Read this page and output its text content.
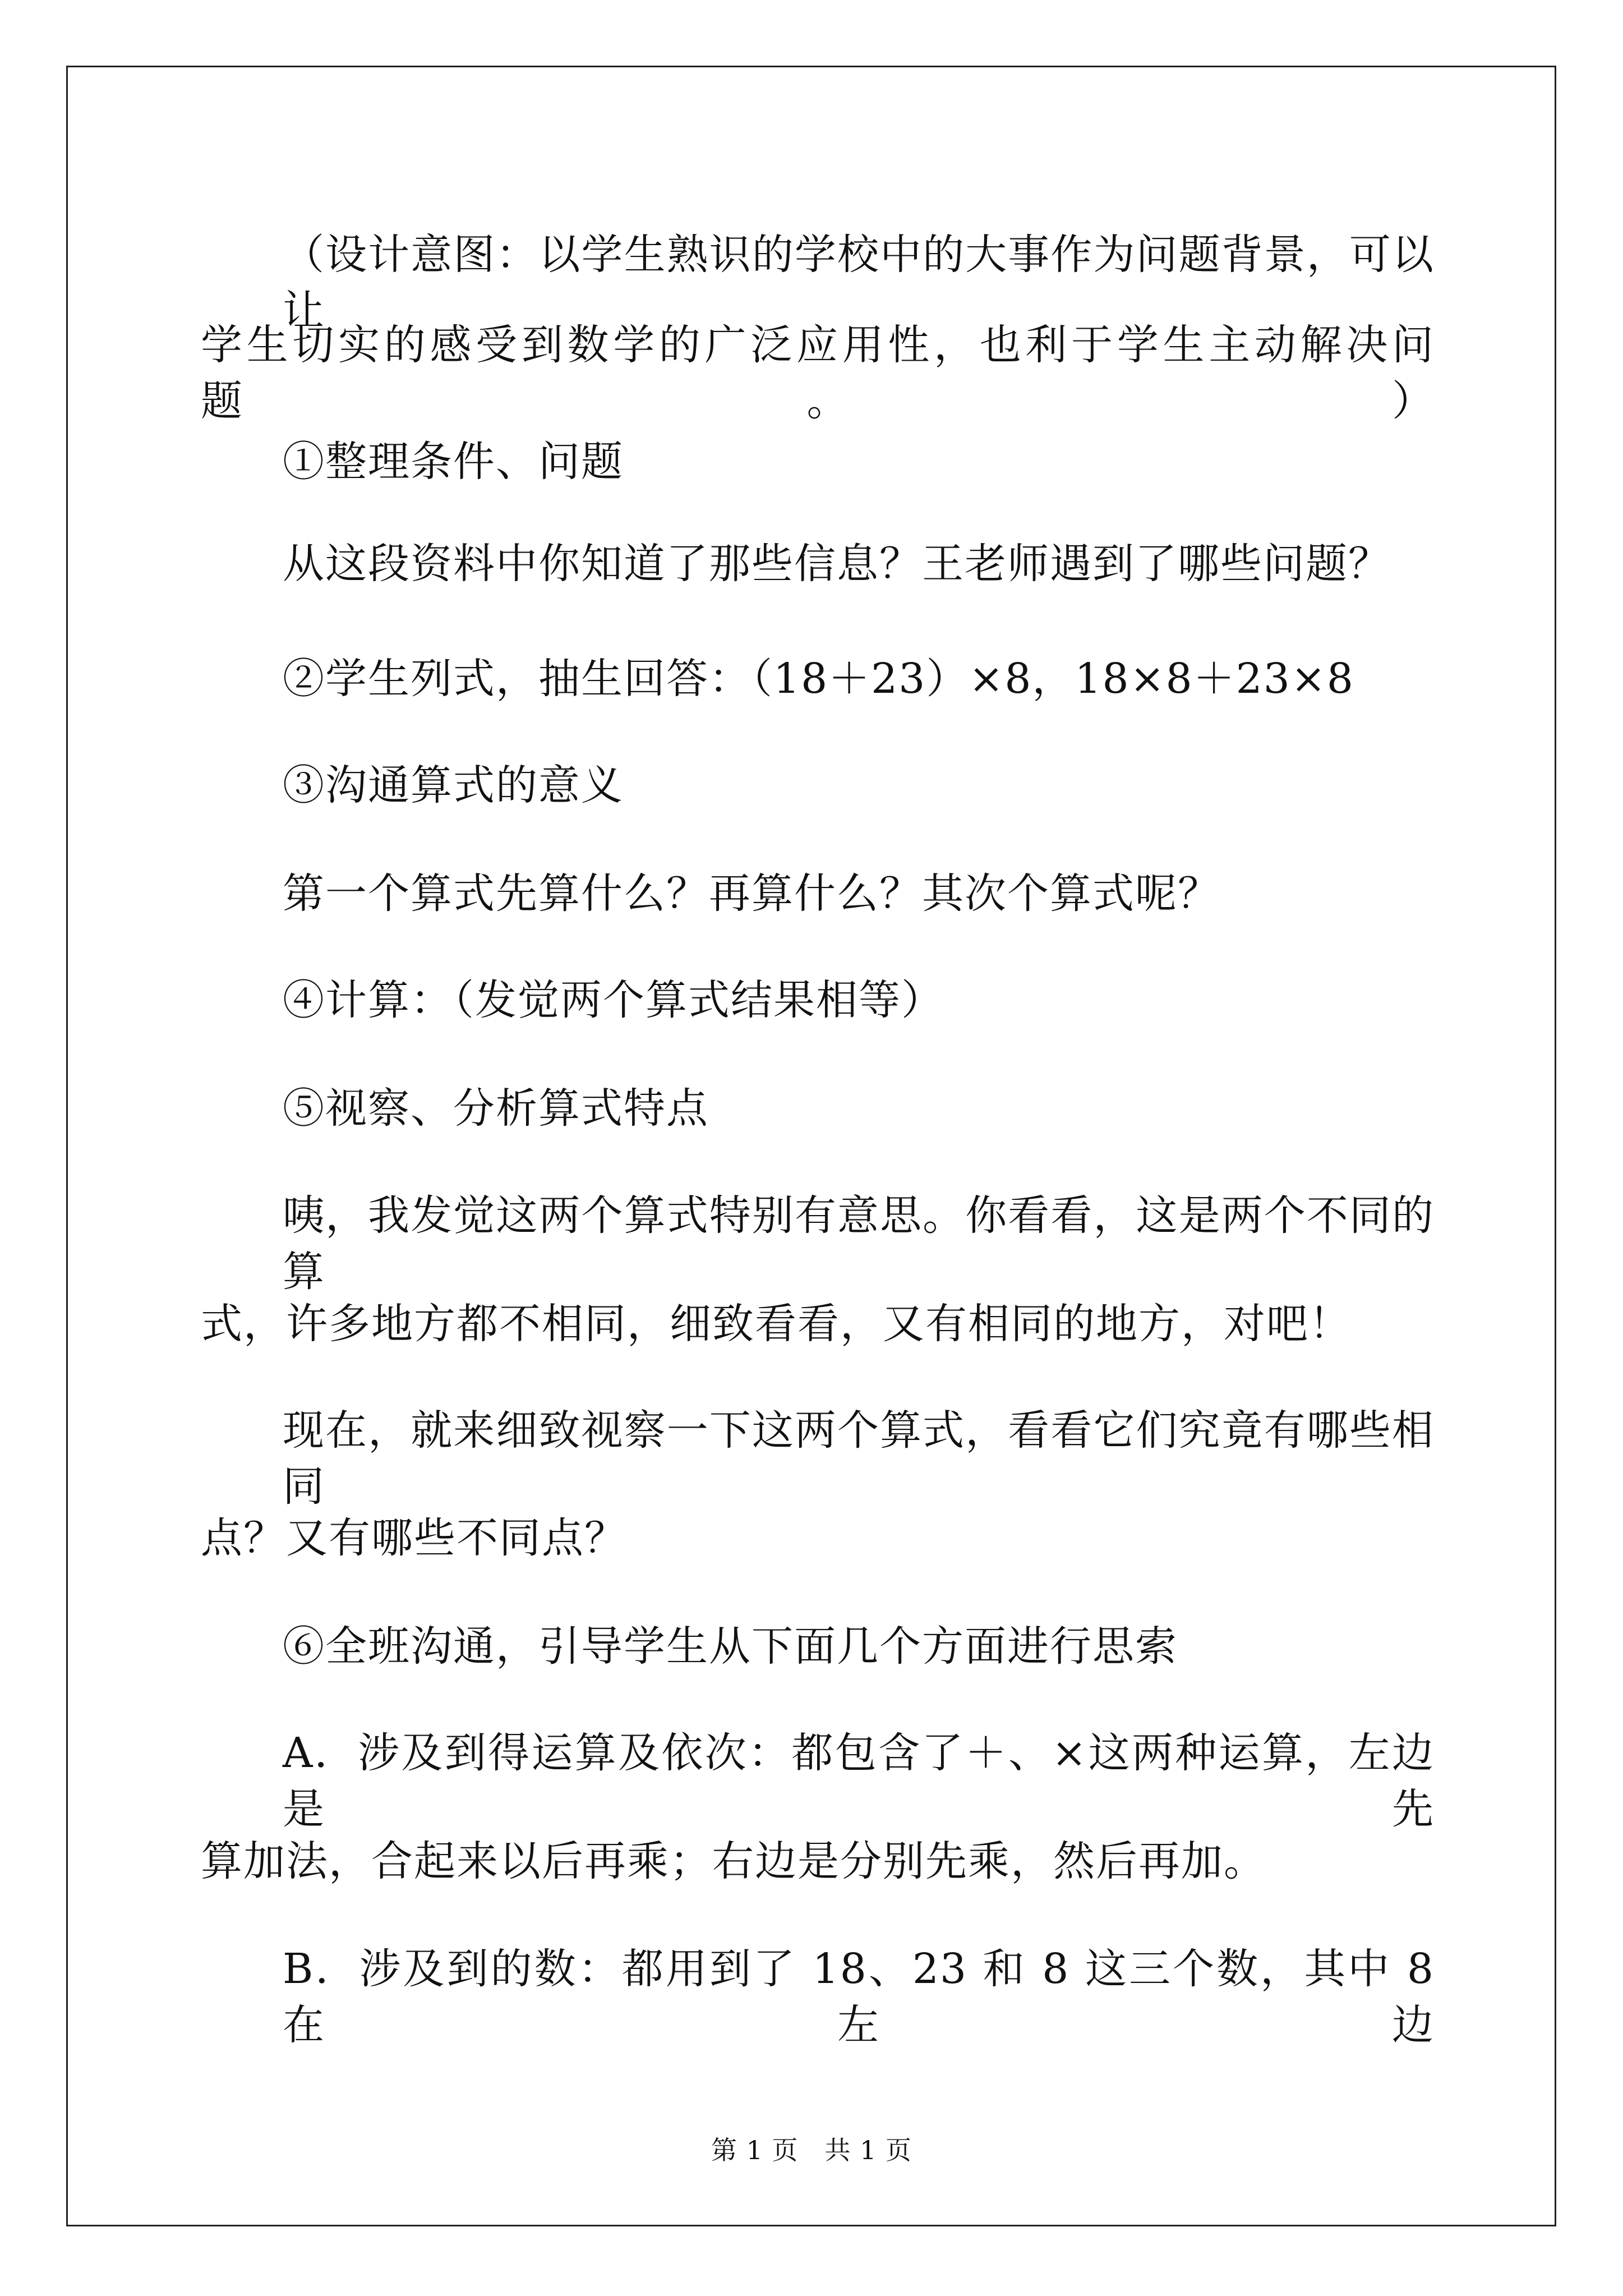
（设计意图：以学生熟识的学校中的大事作为问题背景，可以让
学生切实的感受到数学的广泛应用性，也利于学生主动解决问题。）
①整理条件、问题
从这段资料中你知道了那些信息？王老师遇到了哪些问题？
②学生列式，抽生回答：（18＋23）×8，18×8＋23×8
③沟通算式的意义
第一个算式先算什么？再算什么？其次个算式呢？
④计算：（发觉两个算式结果相等）
⑤视察、分析算式特点
咦，我发觉这两个算式特别有意思。你看看，这是两个不同的算
式，许多地方都不相同，细致看看，又有相同的地方，对吧！
现在，就来细致视察一下这两个算式，看看它们究竟有哪些相同
点？又有哪些不同点？
⑥全班沟通，引导学生从下面几个方面进行思索
A．涉及到得运算及依次：都包含了＋、×这两种运算，左边是先
算加法，合起来以后再乘；右边是分别先乘，然后再加。
B．涉及到的数：都用到了 18、23 和 8 这三个数，其中 8 在左边
第 1 页　共 1 页
